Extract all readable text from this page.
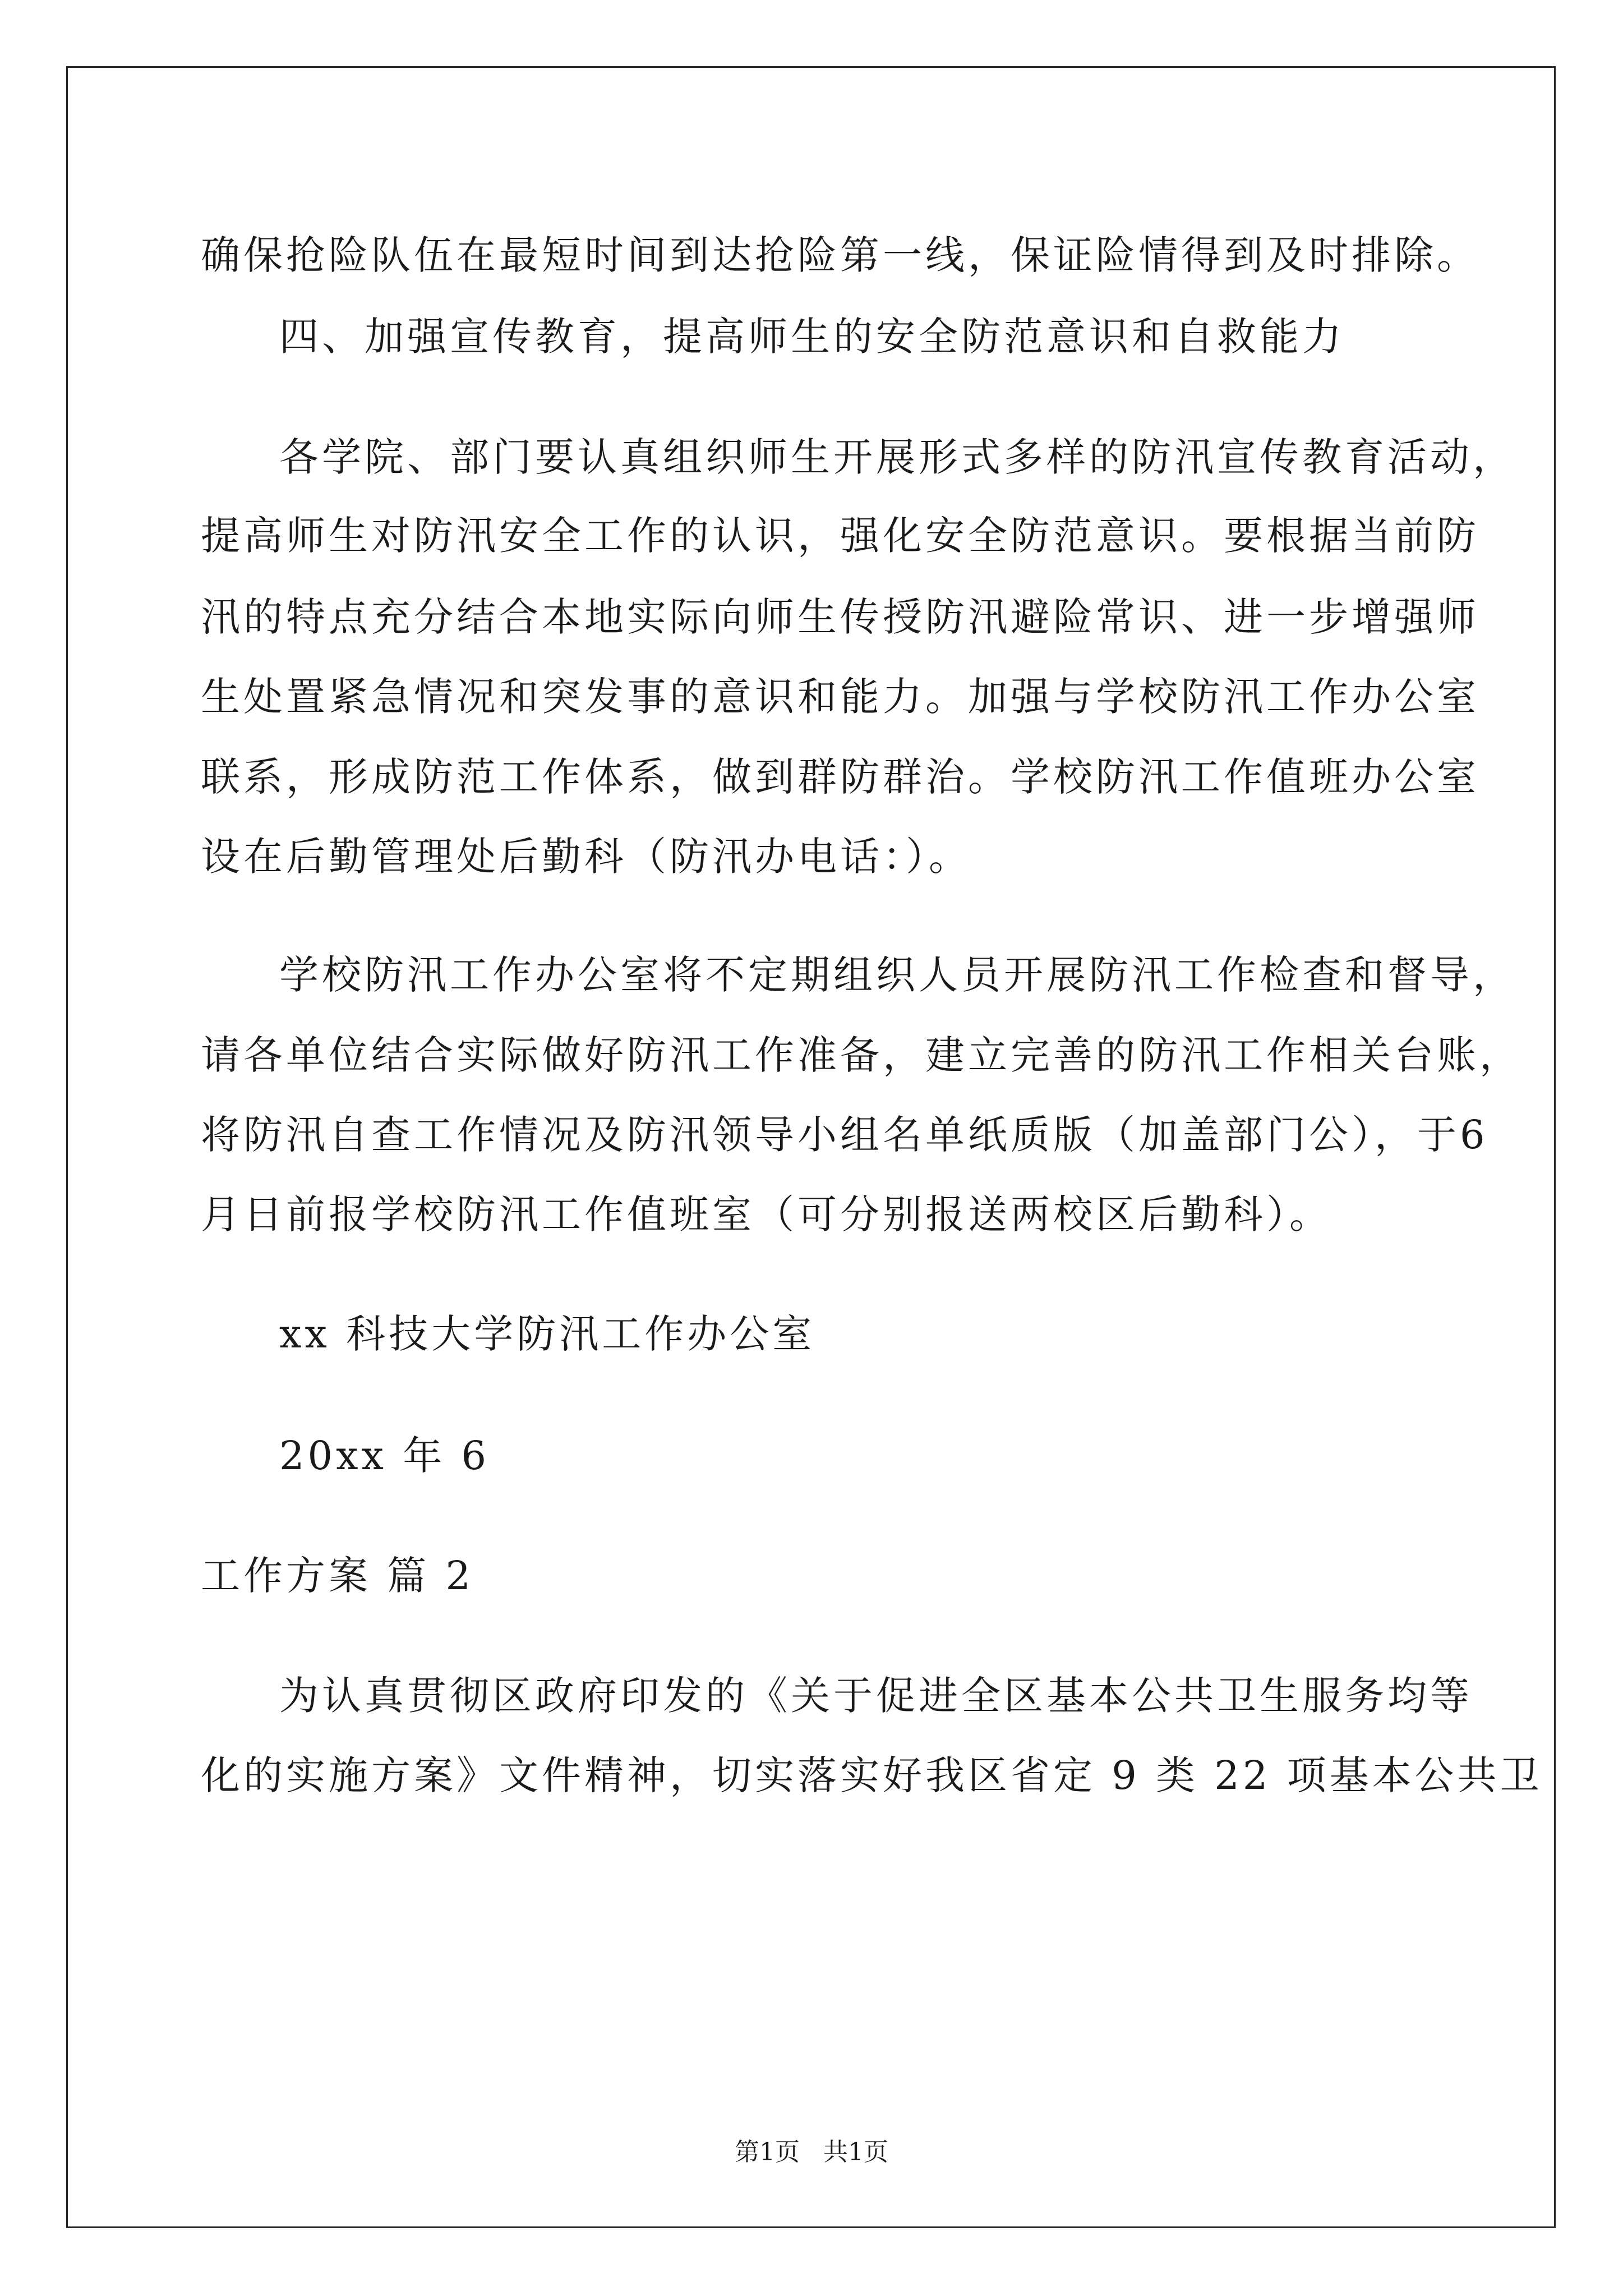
确保抢险队伍在最短时间到达抢险第一线，保证险情得到及时排除。
四、加强宣传教育，提高师生的安全防范意识和自救能力
各学院、部门要认真组织师生开展形式多样的防汛宣传教育活动，
提高师生对防汛安全工作的认识，强化安全防范意识。要根据当前防
汛的特点充分结合本地实际向师生传授防汛避险常识、进一步增强师
生处置紧急情况和突发事的意识和能力。加强与学校防汛工作办公室
联系，形成防范工作体系，做到群防群治。学校防汛工作值班办公室
设在后勤管理处后勤科（防汛办电话：）。
学校防汛工作办公室将不定期组织人员开展防汛工作检查和督导，
请各单位结合实际做好防汛工作准备，建立完善的防汛工作相关台账，
将防汛自查工作情况及防汛领导小组名单纸质版（加盖部门公），于6
月日前报学校防汛工作值班室（可分别报送两校区后勤科）。
xx 科技大学防汛工作办公室
20xx 年 6
工作方案 篇 2
为认真贯彻区政府印发的《关于促进全区基本公共卫生服务均等
化的实施方案》文件精神，切实落实好我区省定 9 类 22 项基本公共卫
第1页   共1页
